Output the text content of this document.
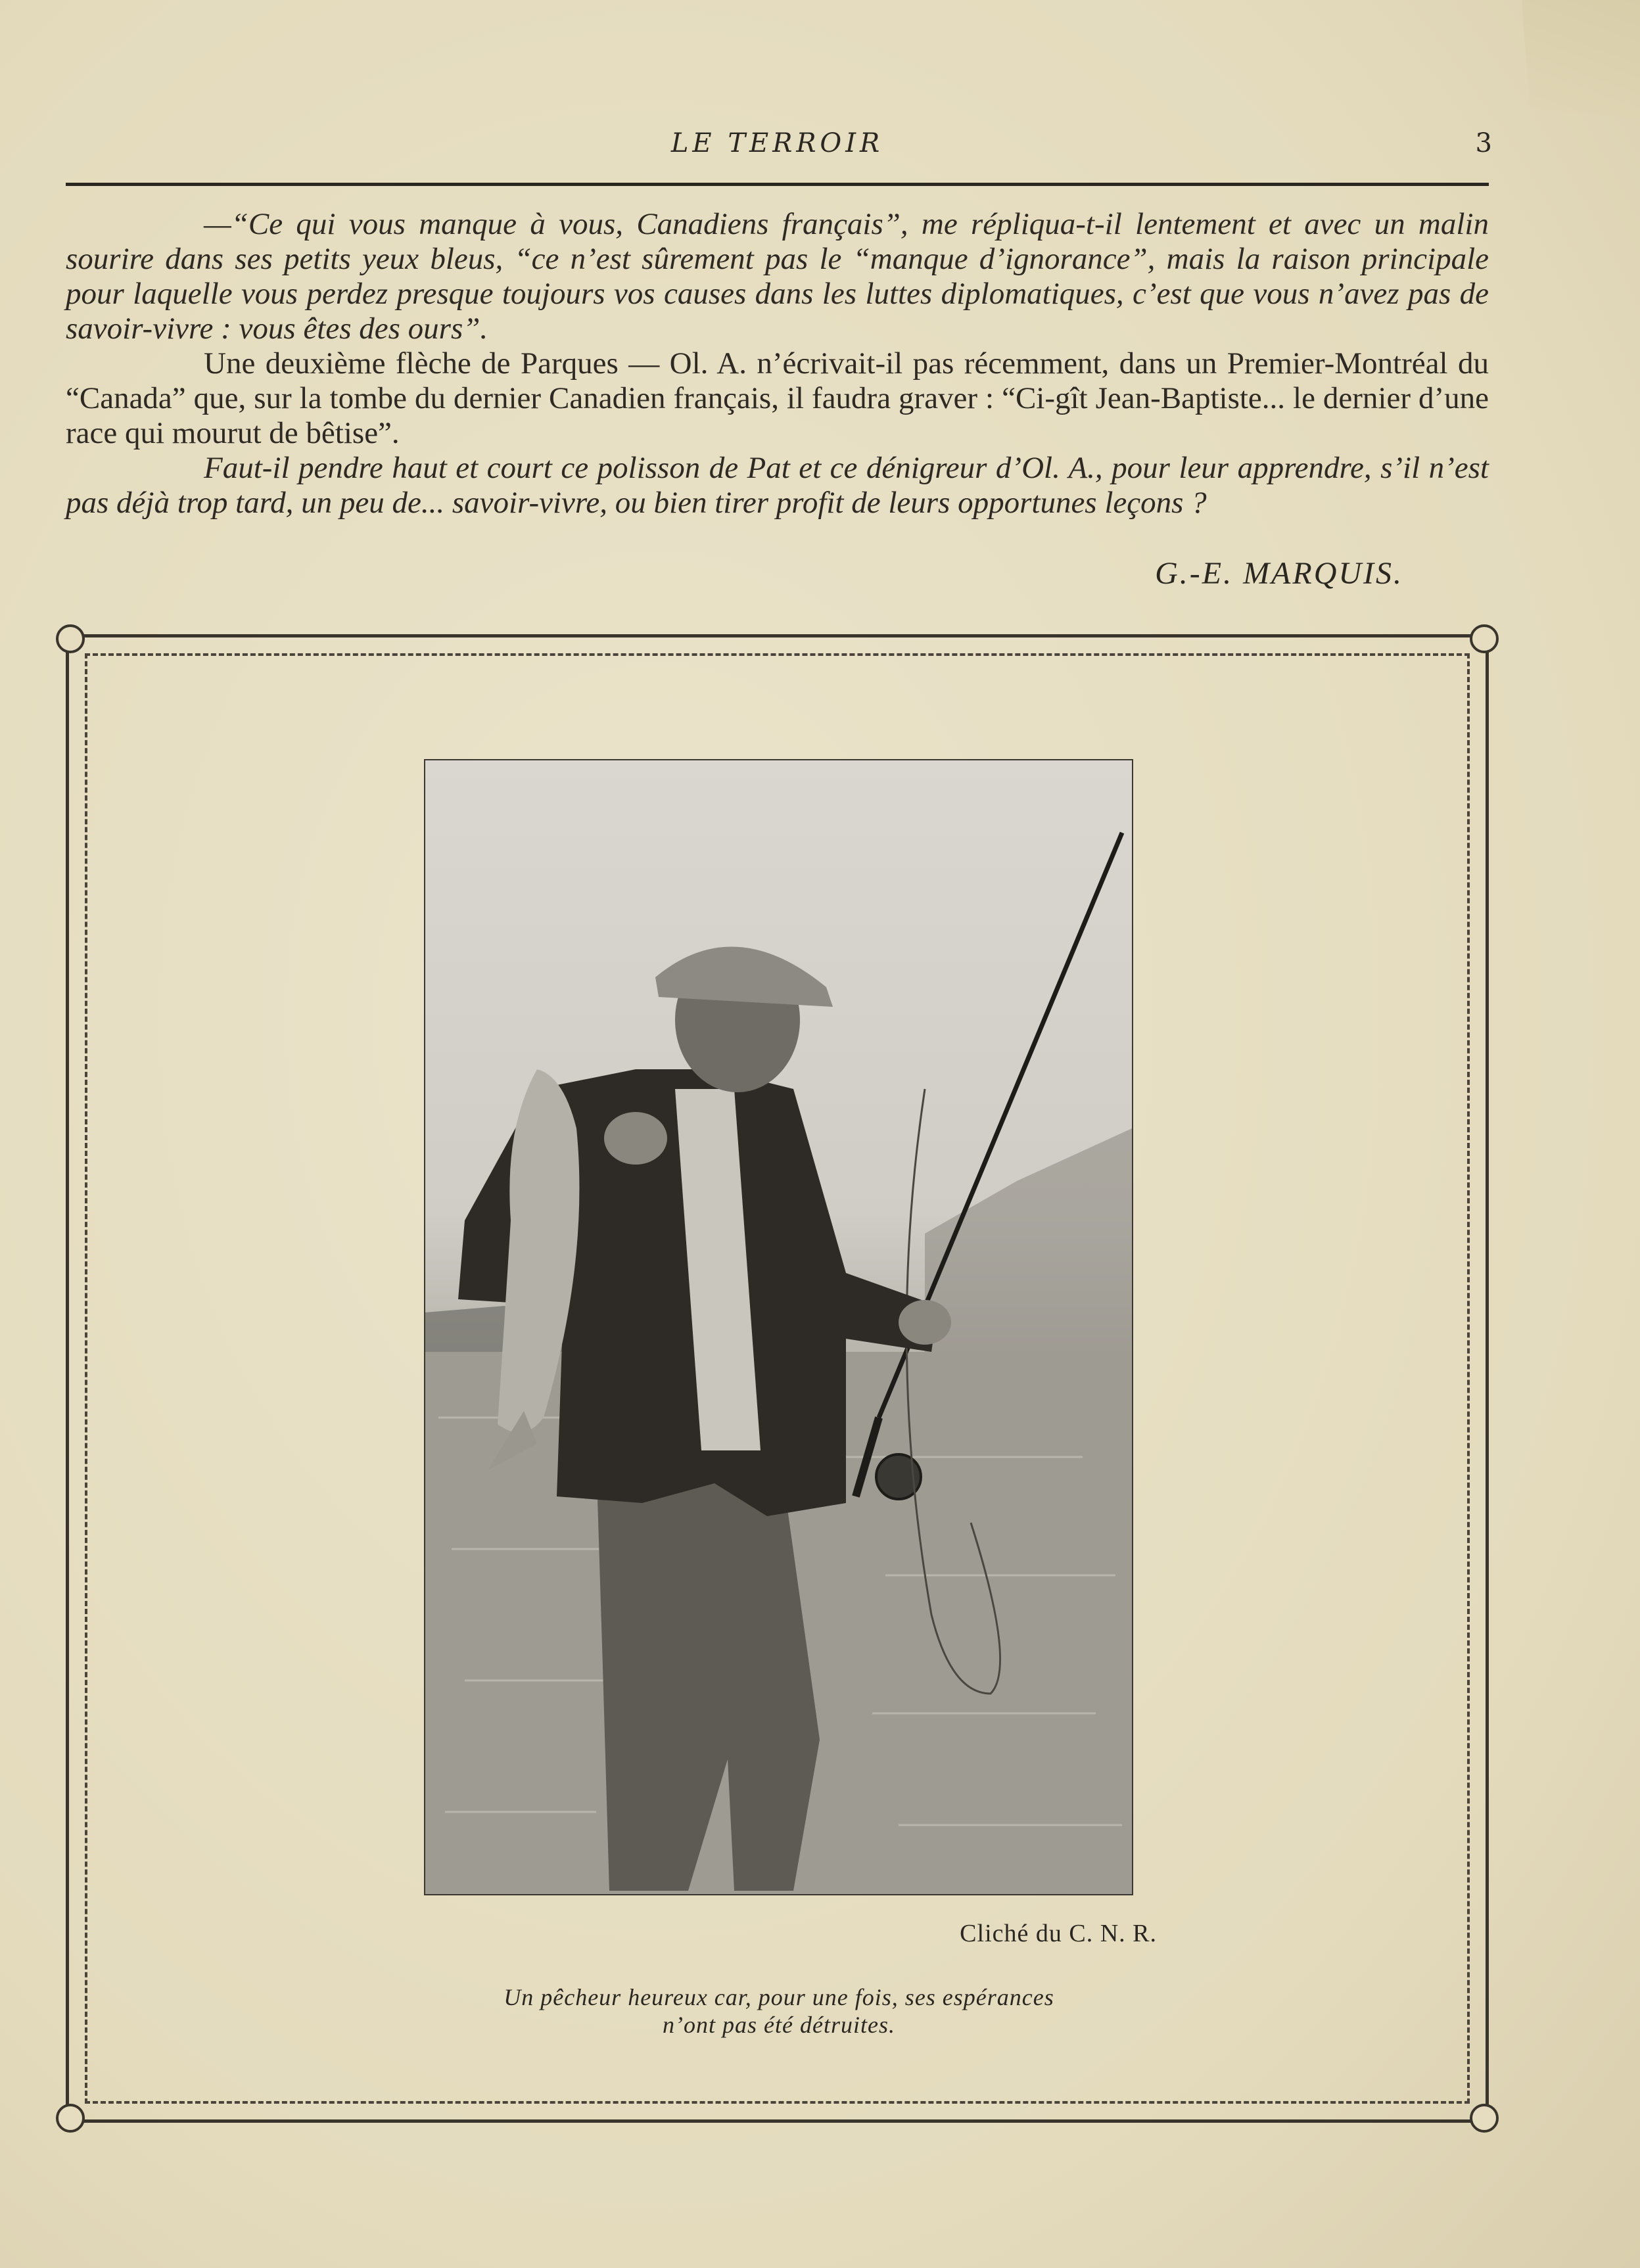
LE TERROIR	3

—“Ce qui vous manque à vous, Canadiens français”, me répliqua-t-il lentement et avec un malin sourire dans ses petits yeux bleus, “ce n’est sûrement pas le “manque d’ignorance”, mais la raison principale pour laquelle vous perdez presque toujours vos causes dans les luttes diplomatiques, c’est que vous n’avez pas de savoir-vivre : vous êtes des ours”.

Une deuxième flèche de Parques — Ol. A. n’écrivait-il pas récemment, dans un Premier-Montréal du “Canada” que, sur la tombe du dernier Canadien français, il faudra graver : “Ci-gît Jean-Baptiste... le dernier d’une race qui mourut de bêtise”.

Faut-il pendre haut et court ce polisson de Pat et ce dénigreur d’Ol. A., pour leur apprendre, s’il n’est pas déjà trop tard, un peu de... savoir-vivre, ou bien tirer profit de leurs opportunes leçons ?

G.-E. MARQUIS.
Cliché du C. N. R.
Un pêcheur heureux car, pour une fois, ses espérances
n’ont pas été détruites.
